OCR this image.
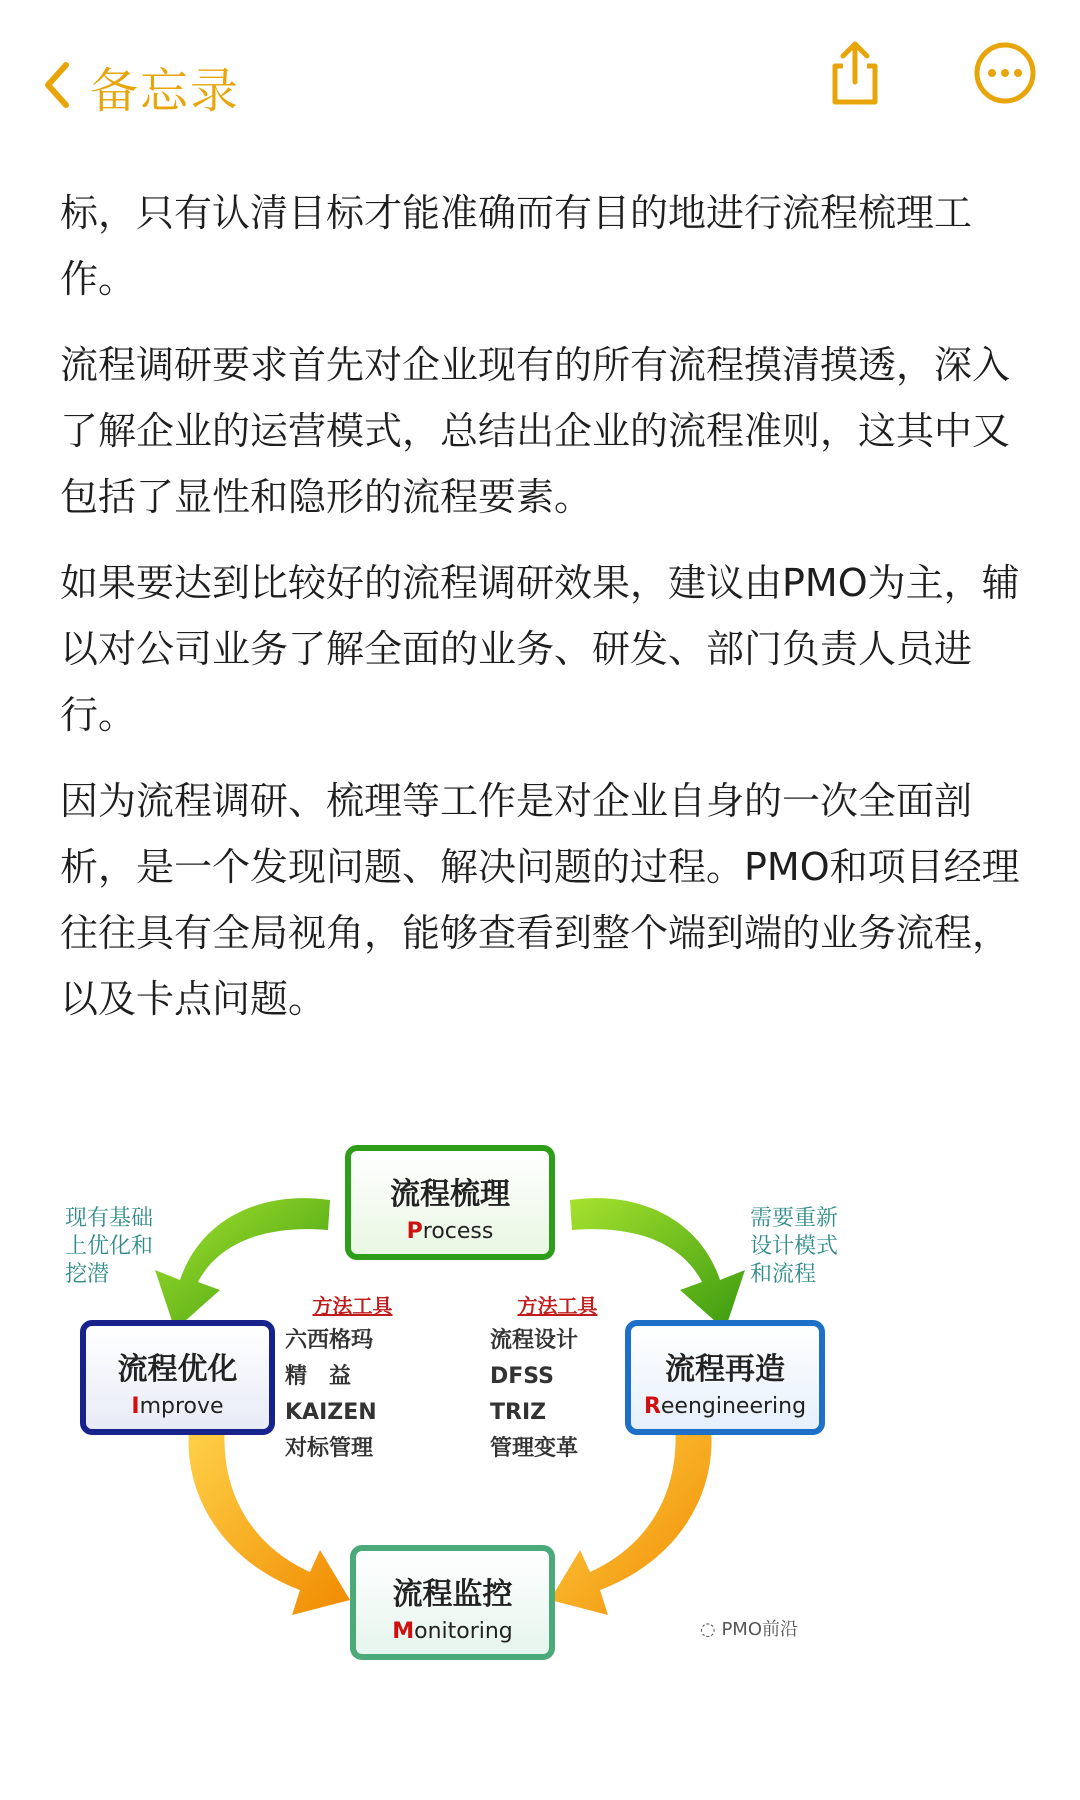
备忘录

标，只有认清目标才能准确而有目的地进行流程梳理工作。

流程调研要求首先对企业现有的所有流程摸清摸透，深入了解企业的运营模式，总结出企业的流程准则，这其中又包括了显性和隐形的流程要素。

如果要达到比较好的流程调研效果，建议由PMO为主，辅以对公司业务了解全面的业务、研发、部门负责人员进行。

因为流程调研、梳理等工作是对企业自身的一次全面剖析，是一个发现问题、解决问题的过程。PMO和项目经理往往具有全局视角，能够查看到整个端到端的业务流程，以及卡点问题。

流程梳理
Process
流程优化
Improve
流程再造
Reengineering
流程监控
Monitoring
现有基础
上优化和
挖潜
需要重新
设计模式
和流程
方法工具
六西格玛
精　益
KAIZEN
对标管理
方法工具
流程设计
DFSS
TRIZ
管理变革
◌ PMO前沿
